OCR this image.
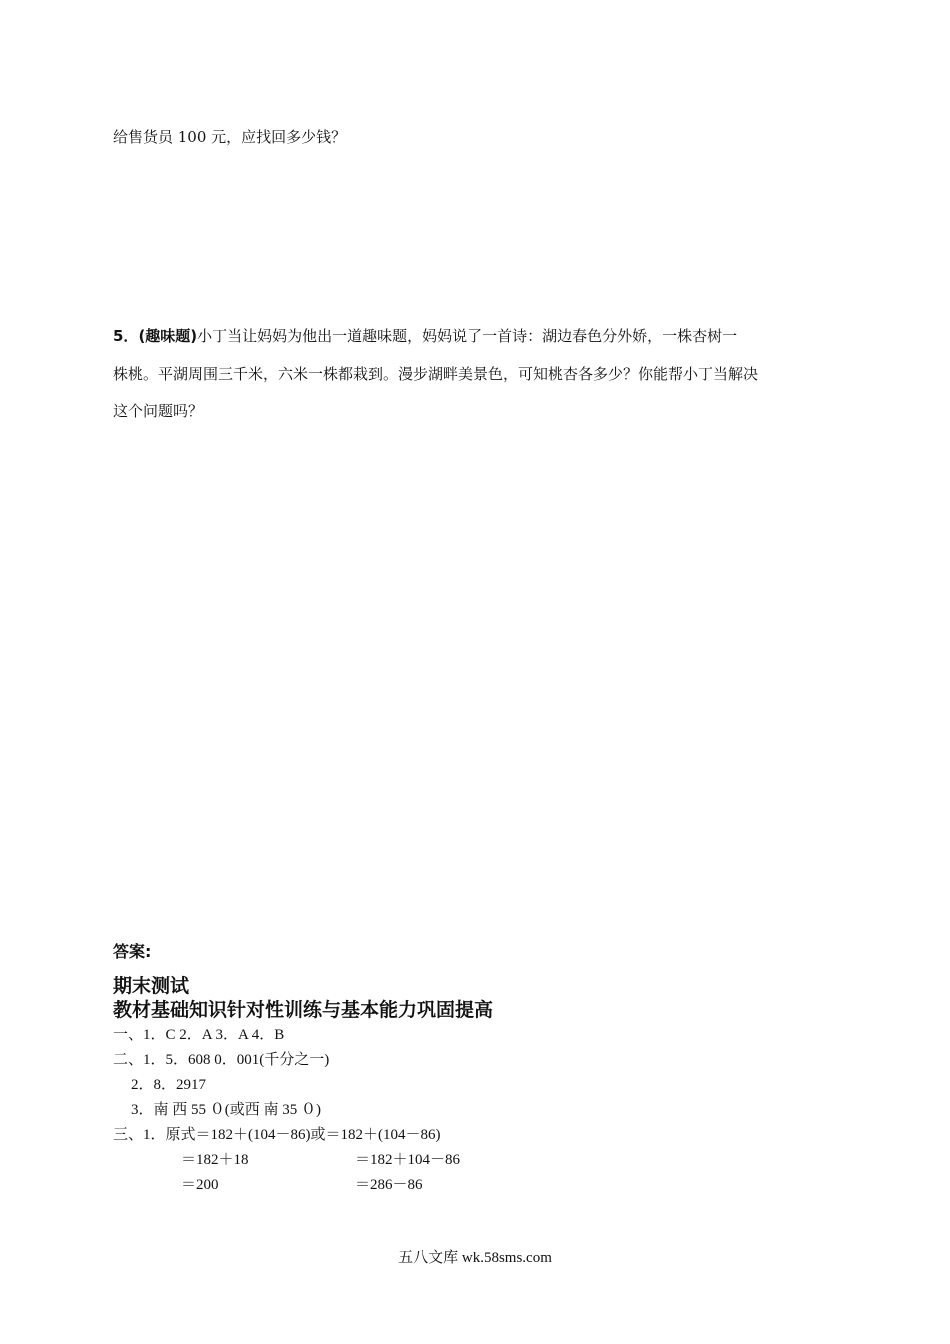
给售货员 100 元，应找回多少钱？
5．(趣味题)小丁当让妈妈为他出一道趣味题，妈妈说了一首诗：湖边春色分外娇，一株杏树一
株桃。平湖周围三千米，六米一株都栽到。漫步湖畔美景色，可知桃杏各多少？你能帮小丁当解决
这个问题吗？
答案:
期末测试
教材基础知识针对性训练与基本能力巩固提高
一、1．C 2．A 3．A 4．B
二、1．5．608 0．001(千分之一)
2．8．2917
3．南 西 55 ０(或西 南 35 ０)
三、1．原式＝182＋(104－86)或＝182＋(104－86)
＝182＋18	＝182＋104－86
＝200	＝286－86
五八文库 wk.58sms.com
